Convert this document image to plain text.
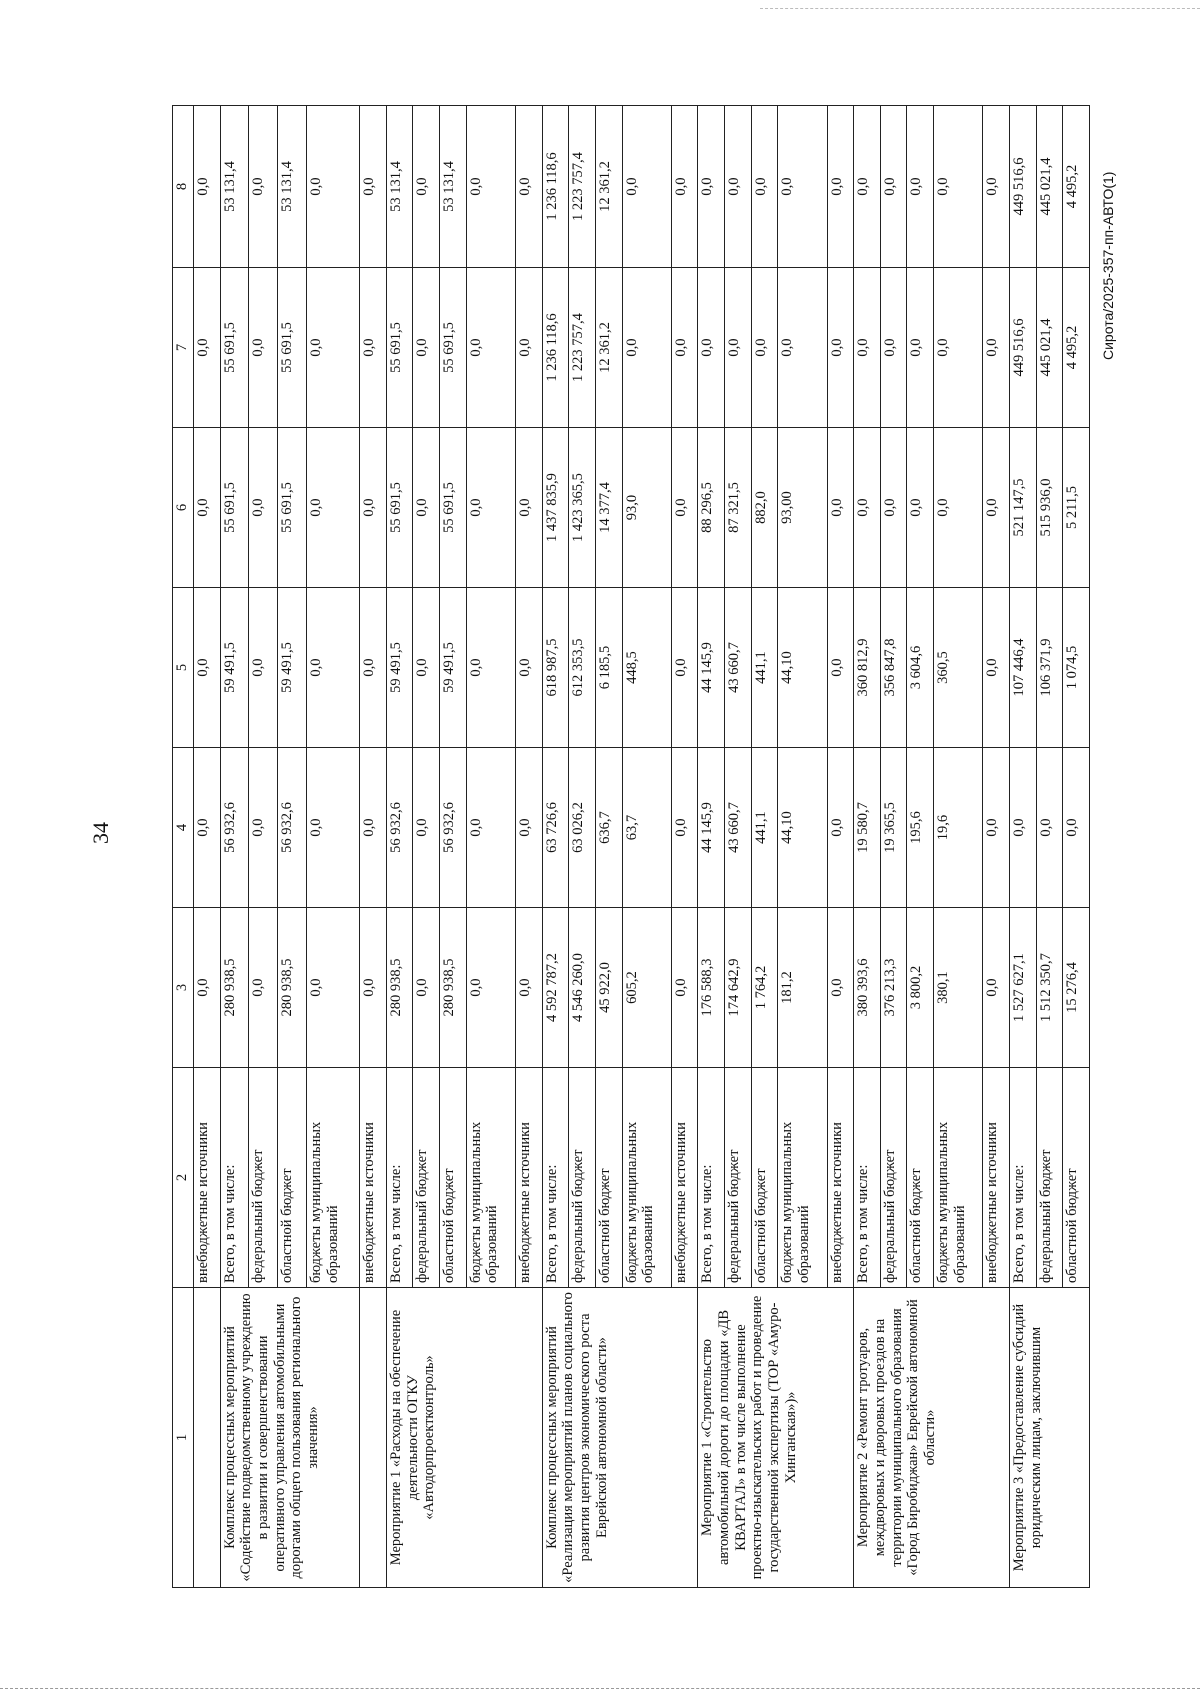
34
1	2	3	4	5	6	7	8
	внебюджетные источники	0,0	0,0	0,0	0,0	0,0	0,0
Комплекс процессных мероприятий «Содействие подведомственному учреждению в развитии и совершенствовании оперативного управления автомобильными дорогами общего пользования регионального значения»	Всего, в том числе:	280 938,5	56 932,6	59 491,5	55 691,5	55 691,5	53 131,4
	федеральный бюджет	0,0	0,0	0,0	0,0	0,0	0,0
	областной бюджет	280 938,5	56 932,6	59 491,5	55 691,5	55 691,5	53 131,4
	бюджеты муниципальных образований	0,0	0,0	0,0	0,0	0,0	0,0
	внебюджетные источники	0,0	0,0	0,0	0,0	0,0	0,0
Мероприятие 1 «Расходы на обеспечение деятельности ОГКУ «Автодорпроектконтроль»	Всего, в том числе:	280 938,5	56 932,6	59 491,5	55 691,5	55 691,5	53 131,4
	федеральный бюджет	0,0	0,0	0,0	0,0	0,0	0,0
	областной бюджет	280 938,5	56 932,6	59 491,5	55 691,5	55 691,5	53 131,4
	бюджеты муниципальных образований	0,0	0,0	0,0	0,0	0,0	0,0
	внебюджетные источники	0,0	0,0	0,0	0,0	0,0	0,0
Комплекс процессных мероприятий «Реализация мероприятий планов социального развития центров экономического роста Еврейской автономной области»	Всего, в том числе:	4 592 787,2	63 726,6	618 987,5	1 437 835,9	1 236 118,6	1 236 118,6
	федеральный бюджет	4 546 260,0	63 026,2	612 353,5	1 423 365,5	1 223 757,4	1 223 757,4
	областной бюджет	45 922,0	636,7	6 185,5	14 377,4	12 361,2	12 361,2
	бюджеты муниципальных образований	605,2	63,7	448,5	93,0	0,0	0,0
	внебюджетные источники	0,0	0,0	0,0	0,0	0,0	0,0
Мероприятие 1 «Строительство автомобильной дороги до площадки «ДВ КВАРТАЛ» в том числе выполнение проектно-изыскательских работ и проведение государственной экспертизы (ТОР «Амуро-Хинганская»)»	Всего, в том числе:	176 588,3	44 145,9	44 145,9	88 296,5	0,0	0,0
	федеральный бюджет	174 642,9	43 660,7	43 660,7	87 321,5	0,0	0,0
	областной бюджет	1 764,2	441,1	441,1	882,0	0,0	0,0
	бюджеты муниципальных образований	181,2	44,10	44,10	93,00	0,0	0,0
	внебюджетные источники	0,0	0,0	0,0	0,0	0,0	0,0
Мероприятие 2 «Ремонт тротуаров, междворовых и дворовых проездов на территории муниципального образования «Город Биробиджан» Еврейской автономной области»	Всего, в том числе:	380 393,6	19 580,7	360 812,9	0,0	0,0	0,0
	федеральный бюджет	376 213,3	19 365,5	356 847,8	0,0	0,0	0,0
	областной бюджет	3 800,2	195,6	3 604,6	0,0	0,0	0,0
	бюджеты муниципальных образований	380,1	19,6	360,5	0,0	0,0	0,0
	внебюджетные источники	0,0	0,0	0,0	0,0	0,0	0,0
Мероприятие 3 «Предоставление субсидий юридическим лицам, заключившим	Всего, в том числе:	1 527 627,1	0,0	107 446,4	521 147,5	449 516,6	449 516,6
	федеральный бюджет	1 512 350,7	0,0	106 371,9	515 936,0	445 021,4	445 021,4
	областной бюджет	15 276,4	0,0	1 074,5	5 211,5	4 495,2	4 495,2 Сирота/2025-357-пп-АВТО(1)
